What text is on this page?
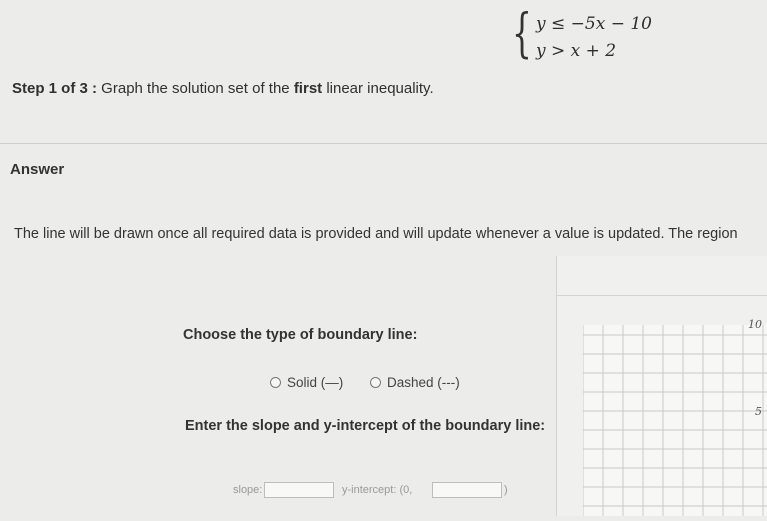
{ y ≤ −5x − 10
y > x + 2
Step 1 of 3 : Graph the solution set of the first linear inequality.
Answer
The line will be drawn once all required data is provided and will update whenever a value is updated. The region
Choose the type of boundary line:
Solid (—)	Dashed (---)
Enter the slope and y-intercept of the boundary line:
slope:	y-intercept: (0,	)
10
5
